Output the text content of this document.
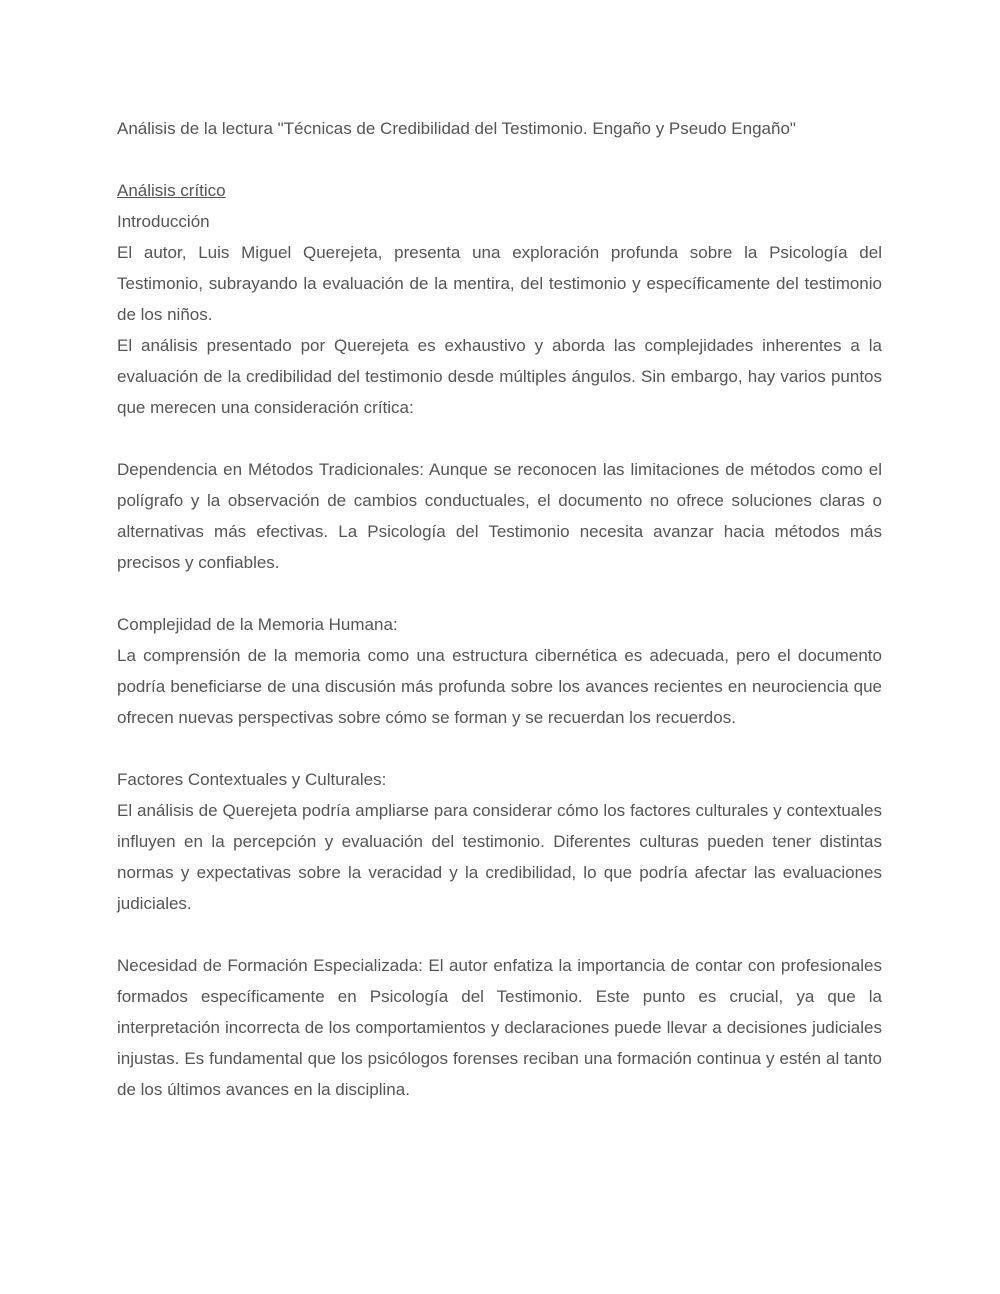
Análisis de la lectura "Técnicas de Credibilidad del Testimonio. Engaño y Pseudo Engaño"

Análisis crítico

Introducción

El autor, Luis Miguel Querejeta, presenta una exploración profunda sobre la Psicología del Testimonio, subrayando la evaluación de la mentira, del testimonio y específicamente del testimonio de los niños.

El análisis presentado por Querejeta es exhaustivo y aborda las complejidades inherentes a la evaluación de la credibilidad del testimonio desde múltiples ángulos. Sin embargo, hay varios puntos que merecen una consideración crítica:

Dependencia en Métodos Tradicionales: Aunque se reconocen las limitaciones de métodos como el polígrafo y la observación de cambios conductuales, el documento no ofrece soluciones claras o alternativas más efectivas. La Psicología del Testimonio necesita avanzar hacia métodos más precisos y confiables.

Complejidad de la Memoria Humana:

La comprensión de la memoria como una estructura cibernética es adecuada, pero el documento podría beneficiarse de una discusión más profunda sobre los avances recientes en neurociencia que ofrecen nuevas perspectivas sobre cómo se forman y se recuerdan los recuerdos.

Factores Contextuales y Culturales:

El análisis de Querejeta podría ampliarse para considerar cómo los factores culturales y contextuales influyen en la percepción y evaluación del testimonio. Diferentes culturas pueden tener distintas normas y expectativas sobre la veracidad y la credibilidad, lo que podría afectar las evaluaciones judiciales.

Necesidad de Formación Especializada: El autor enfatiza la importancia de contar con profesionales formados específicamente en Psicología del Testimonio. Este punto es crucial, ya que la interpretación incorrecta de los comportamientos y declaraciones puede llevar a decisiones judiciales injustas. Es fundamental que los psicólogos forenses reciban una formación continua y estén al tanto de los últimos avances en la disciplina.
